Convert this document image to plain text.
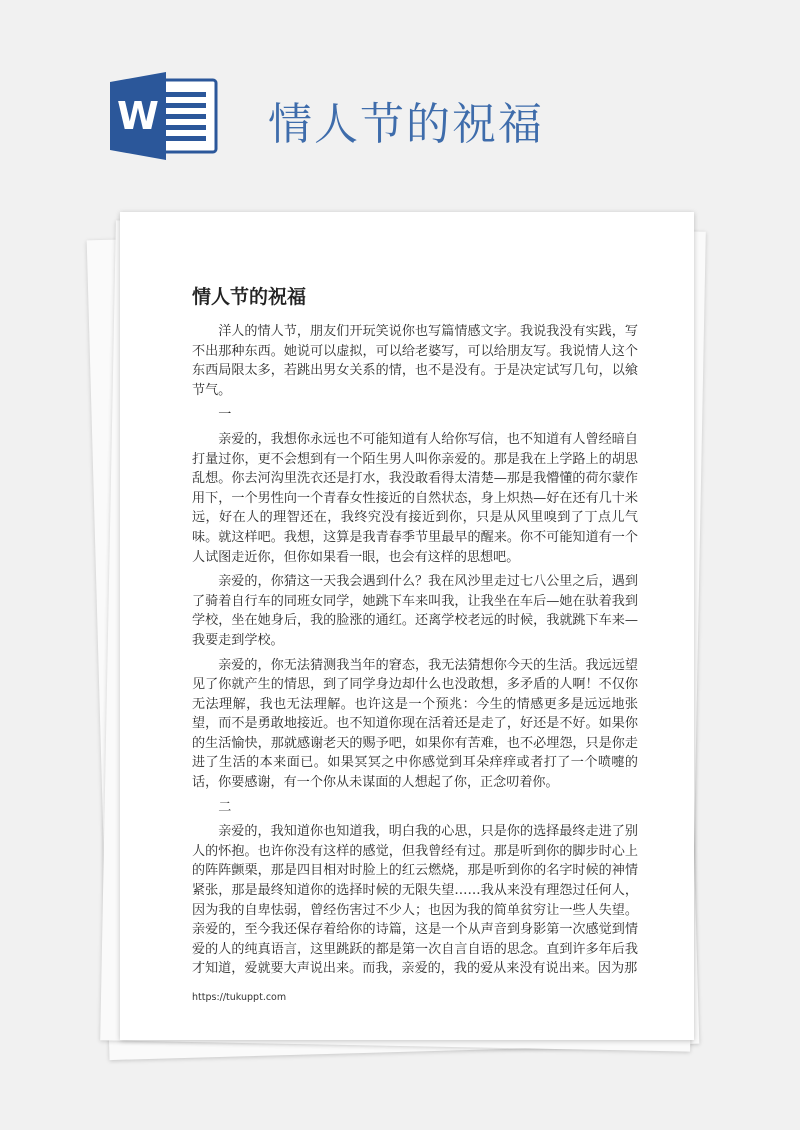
W 情人节的祝福
情人节的祝福

洋人的情人节，朋友们开玩笑说你也写篇情感文字。我说我没有实践，写不出那种东西。她说可以虚拟，可以给老婆写，可以给朋友写。我说情人这个东西局限太多，若跳出男女关系的情，也不是没有。于是决定试写几句，以飨节气。

一

亲爱的，我想你永远也不可能知道有人给你写信，也不知道有人曾经暗自打量过你，更不会想到有一个陌生男人叫你亲爱的。那是我在上学路上的胡思乱想。你去河沟里洗衣还是打水，我没敢看得太清楚—那是我懵懂的荷尔蒙作用下，一个男性向一个青春女性接近的自然状态，身上炽热—好在还有几十米远，好在人的理智还在，我终究没有接近到你，只是从风里嗅到了丁点儿气味。就这样吧。我想，这算是我青春季节里最早的醒来。你不可能知道有一个人试图走近你，但你如果看一眼，也会有这样的思想吧。

亲爱的，你猜这一天我会遇到什么？我在风沙里走过七八公里之后，遇到了骑着自行车的同班女同学，她跳下车来叫我，让我坐在车后—她在驮着我到学校，坐在她身后，我的脸涨的通红。还离学校老远的时候，我就跳下车来—我要走到学校。

亲爱的，你无法猜测我当年的窘态，我无法猜想你今天的生活。我远远望见了你就产生的情思，到了同学身边却什么也没敢想，多矛盾的人啊！不仅你无法理解，我也无法理解。也许这是一个预兆：今生的情感更多是远远地张望，而不是勇敢地接近。也不知道你现在活着还是走了，好还是不好。如果你的生活愉快，那就感谢老天的赐予吧，如果你有苦难，也不必埋怨，只是你走进了生活的本来面已。如果冥冥之中你感觉到耳朵痒痒或者打了一个喷嚏的话，你要感谢，有一个你从未谋面的人想起了你，正念叨着你。

二

亲爱的，我知道你也知道我，明白我的心思，只是你的选择最终走进了别人的怀抱。也许你没有这样的感觉，但我曾经有过。那是听到你的脚步时心上的阵阵颤栗，那是四目相对时脸上的红云燃烧，那是听到你的名字时候的神情紧张，那是最终知道你的选择时候的无限失望……我从来没有理怨过任何人，因为我的自卑怯弱，曾经伤害过不少人；也因为我的简单贫穷让一些人失望。亲爱的，至今我还保存着给你的诗篇，这是一个从声音到身影第一次感觉到情爱的人的纯真语言，这里跳跃的都是第一次自言自语的思念。直到许多年后我才知道，爱就要大声说出来。而我，亲爱的，我的爱从来没有说出来。因为那

https://tukuppt.com
